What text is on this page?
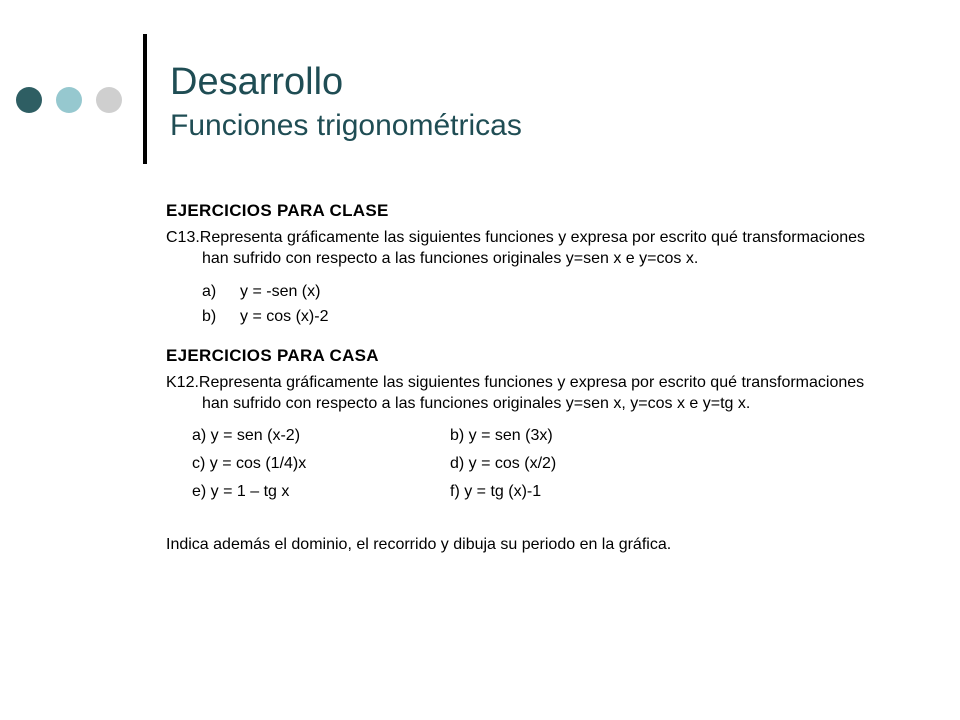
Desarrollo
Funciones trigonométricas

EJERCICIOS PARA CLASE

C13.Representa gráficamente las siguientes funciones y expresa por escrito qué transformaciones han sufrido con respecto a las funciones originales y=sen x e y=cos x.

a)	y = -sen (x)
b)	y = cos (x)-2

EJERCICIOS PARA CASA

K12.Representa gráficamente las siguientes funciones y expresa por escrito qué transformaciones han sufrido con respecto a las funciones originales y=sen x, y=cos x e y=tg x.

a) y = sen (x-2)	b) y = sen (3x)
c) y = cos (1/4)x	d) y = cos (x/2)
e) y = 1 – tg x	f) y = tg (x)-1
Indica además el dominio, el recorrido y dibuja su periodo en la gráfica.
